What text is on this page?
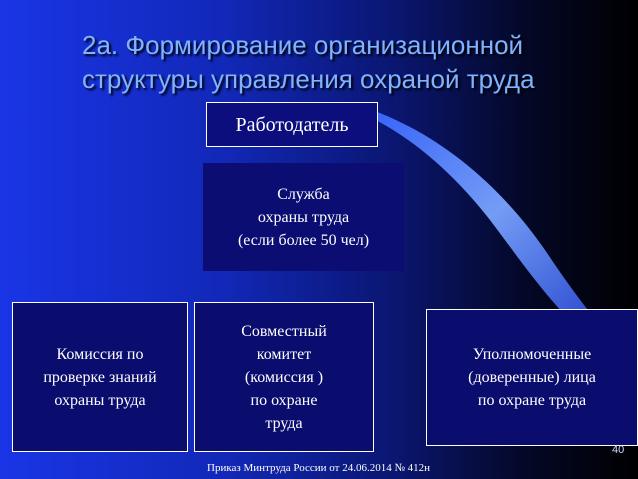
2а. Формирование организационной
структуры управления охраной труда
Работодатель
Служба
охраны труда
(если более 50 чел)
Комиссия по
проверке знаний
охраны труда
Совместный
комитет
(комиссия )
по охране
труда
Уполномоченные
(доверенные) лица
по охране труда
40
Приказ Минтруда России от 24.06.2014 № 412н
